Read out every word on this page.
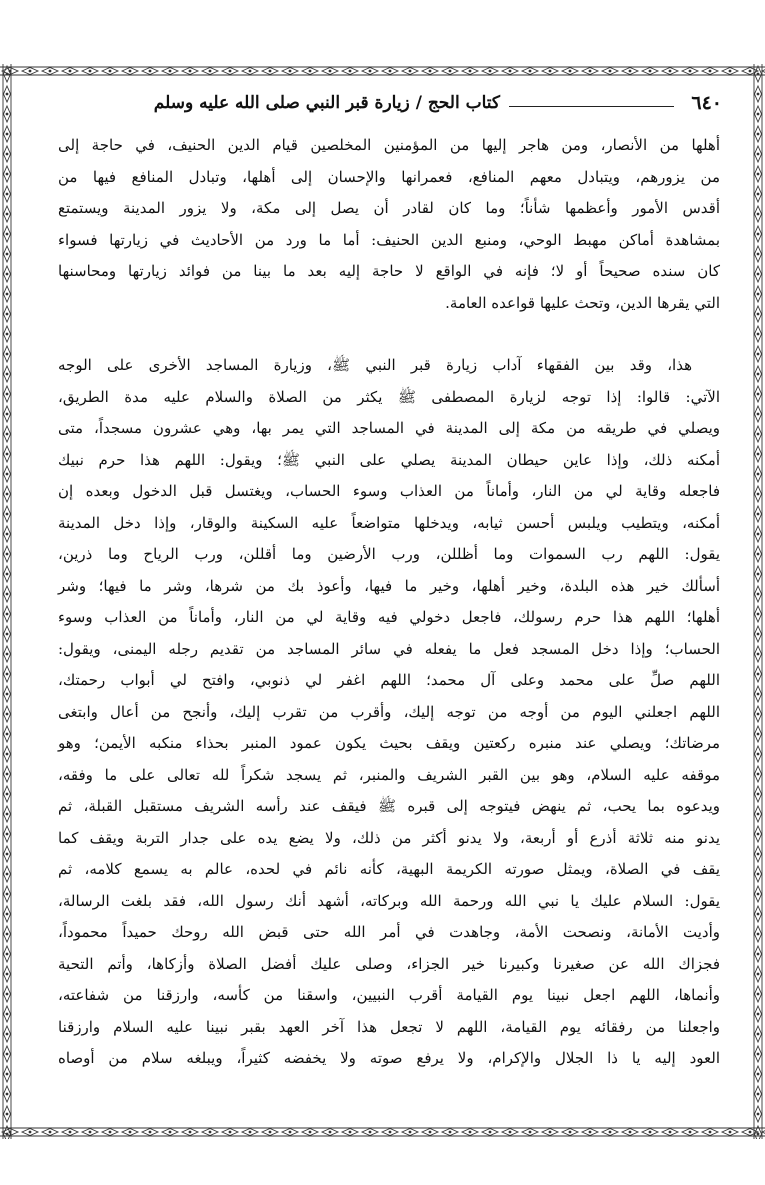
٦٤٠
كتاب الحج / زيارة قبر النبي صلى الله عليه وسلم
أهلها من الأنصار، ومن هاجر إليها من المؤمنين المخلصين قيام الدين الحنيف، في حاجة إلى
من يزورهم، ويتبادل معهم المنافع، فعمرانها والإحسان إلى أهلها، وتبادل المنافع فيها من
أقدس الأمور وأعظمها شأناً؛ وما كان لقادر أن يصل إلى مكة، ولا يزور المدينة ويستمتع
بمشاهدة أماكن مهبط الوحي، ومنبع الدين الحنيف: أما ما ورد من الأحاديث في زيارتها فسواء
كان سنده صحيحاً أو لا؛ فإنه في الواقع لا حاجة إليه بعد ما بينا من فوائد زيارتها ومحاسنها
التي يقرها الدين، وتحث عليها قواعده العامة.
هذا، وقد بين الفقهاء آداب زيارة قبر النبي ﷺ، وزيارة المساجد الأخرى على الوجه
الآتي: قالوا: إذا توجه لزيارة المصطفى ﷺ يكثر من الصلاة والسلام عليه مدة الطريق،
ويصلي في طريقه من مكة إلى المدينة في المساجد التي يمر بها، وهي عشرون مسجداً، متى
أمكنه ذلك، وإذا عاين حيطان المدينة يصلي على النبي ﷺ؛ ويقول: اللهم هذا حرم نبيك
فاجعله وقاية لي من النار، وأماناً من العذاب وسوء الحساب، ويغتسل قبل الدخول وبعده إن
أمكنه، ويتطيب ويلبس أحسن ثيابه، ويدخلها متواضعاً عليه السكينة والوقار، وإذا دخل المدينة
يقول: اللهم رب السموات وما أظللن، ورب الأرضين وما أقللن، ورب الرياح وما ذرين،
أسألك خير هذه البلدة، وخير أهلها، وخير ما فيها، وأعوذ بك من شرها، وشر ما فيها؛ وشر
أهلها؛ اللهم هذا حرم رسولك، فاجعل دخولي فيه وقاية لي من النار، وأماناً من العذاب وسوء
الحساب؛ وإذا دخل المسجد فعل ما يفعله في سائر المساجد من تقديم رجله اليمنى، ويقول:
اللهم صلِّ على محمد وعلى آل محمد؛ اللهم اغفر لي ذنوبي، وافتح لي أبواب رحمتك،
اللهم اجعلني اليوم من أوجه من توجه إليك، وأقرب من تقرب إليك، وأنجح من أعال وابتغى
مرضاتك؛ ويصلي عند منبره ركعتين ويقف بحيث يكون عمود المنبر بحذاء منكبه الأيمن؛ وهو
موقفه عليه السلام، وهو بين القبر الشريف والمنبر، ثم يسجد شكراً لله تعالى على ما وفقه،
ويدعوه بما يحب، ثم ينهض فيتوجه إلى قبره ﷺ فيقف عند رأسه الشريف مستقبل القبلة، ثم
يدنو منه ثلاثة أذرع أو أربعة، ولا يدنو أكثر من ذلك، ولا يضع يده على جدار التربة ويقف كما
يقف في الصلاة، ويمثل صورته الكريمة البهية، كأنه نائم في لحده، عالم به يسمع كلامه، ثم
يقول: السلام عليك يا نبي الله ورحمة الله وبركاته، أشهد أنك رسول الله، فقد بلغت الرسالة،
وأديت الأمانة، ونصحت الأمة، وجاهدت في أمر الله حتى قبض الله روحك حميداً محموداً،
فجزاك الله عن صغيرنا وكبيرنا خير الجزاء، وصلى عليك أفضل الصلاة وأزكاها، وأتم التحية
وأنماها، اللهم اجعل نبينا يوم القيامة أقرب النبيين، واسقنا من كأسه، وارزقنا من شفاعته،
واجعلنا من رفقائه يوم القيامة، اللهم لا تجعل هذا آخر العهد بقبر نبينا عليه السلام وارزقنا
العود إليه يا ذا الجلال والإكرام، ولا يرفع صوته ولا يخفضه كثيراً، ويبلغه سلام من أوصاه
